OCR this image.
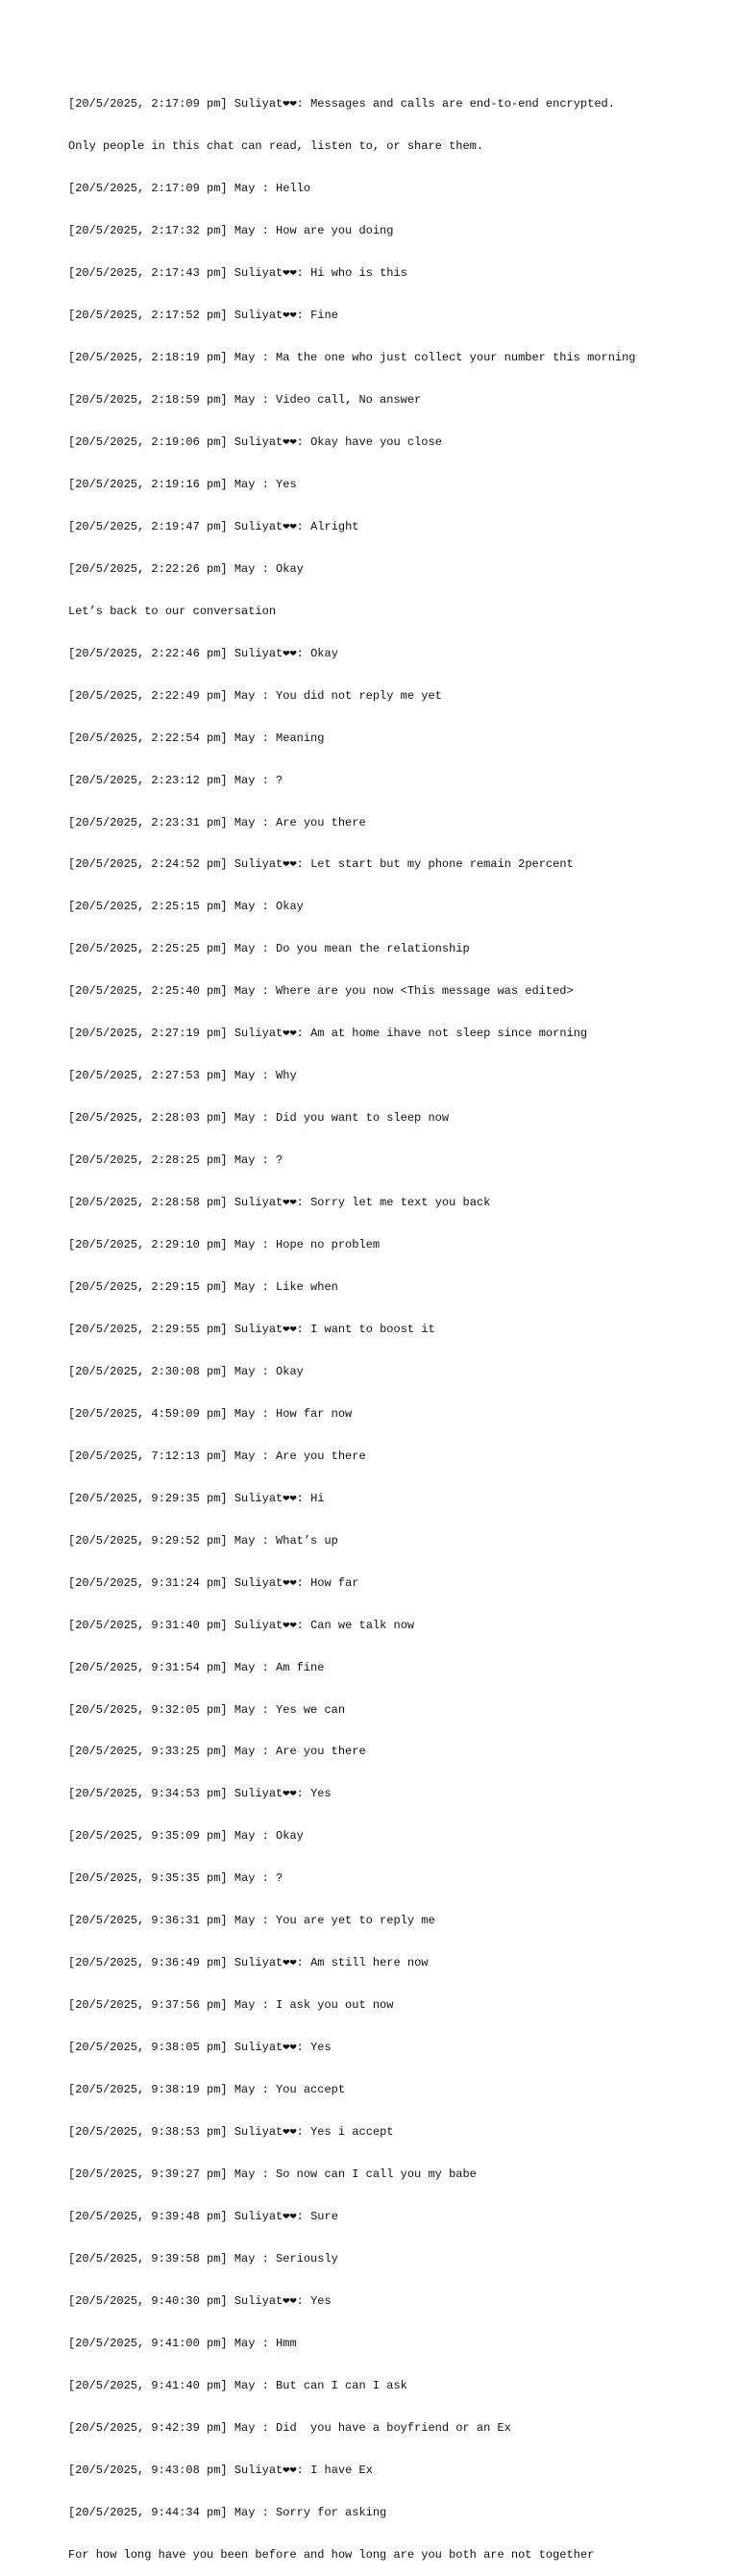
[20/5/2025, 2:17:09 pm] Suliyat❤❤: Messages and calls are end-to-end encrypted.

Only people in this chat can read, listen to, or share them.

[20/5/2025, 2:17:09 pm] May : Hello

[20/5/2025, 2:17:32 pm] May : How are you doing

[20/5/2025, 2:17:43 pm] Suliyat❤❤: Hi who is this

[20/5/2025, 2:17:52 pm] Suliyat❤❤: Fine

[20/5/2025, 2:18:19 pm] May : Ma the one who just collect your number this morning

[20/5/2025, 2:18:59 pm] May : Video call, No answer

[20/5/2025, 2:19:06 pm] Suliyat❤❤: Okay have you close

[20/5/2025, 2:19:16 pm] May : Yes

[20/5/2025, 2:19:47 pm] Suliyat❤❤: Alright

[20/5/2025, 2:22:26 pm] May : Okay

Let’s back to our conversation

[20/5/2025, 2:22:46 pm] Suliyat❤❤: Okay

[20/5/2025, 2:22:49 pm] May : You did not reply me yet

[20/5/2025, 2:22:54 pm] May : Meaning

[20/5/2025, 2:23:12 pm] May : ?

[20/5/2025, 2:23:31 pm] May : Are you there

[20/5/2025, 2:24:52 pm] Suliyat❤❤: Let start but my phone remain 2percent

[20/5/2025, 2:25:15 pm] May : Okay

[20/5/2025, 2:25:25 pm] May : Do you mean the relationship

[20/5/2025, 2:25:40 pm] May : Where are you now <This message was edited>

[20/5/2025, 2:27:19 pm] Suliyat❤❤: Am at home ihave not sleep since morning

[20/5/2025, 2:27:53 pm] May : Why

[20/5/2025, 2:28:03 pm] May : Did you want to sleep now

[20/5/2025, 2:28:25 pm] May : ?

[20/5/2025, 2:28:58 pm] Suliyat❤❤: Sorry let me text you back

[20/5/2025, 2:29:10 pm] May : Hope no problem

[20/5/2025, 2:29:15 pm] May : Like when

[20/5/2025, 2:29:55 pm] Suliyat❤❤: I want to boost it

[20/5/2025, 2:30:08 pm] May : Okay

[20/5/2025, 4:59:09 pm] May : How far now

[20/5/2025, 7:12:13 pm] May : Are you there

[20/5/2025, 9:29:35 pm] Suliyat❤❤: Hi

[20/5/2025, 9:29:52 pm] May : What’s up

[20/5/2025, 9:31:24 pm] Suliyat❤❤: How far

[20/5/2025, 9:31:40 pm] Suliyat❤❤: Can we talk now

[20/5/2025, 9:31:54 pm] May : Am fine

[20/5/2025, 9:32:05 pm] May : Yes we can

[20/5/2025, 9:33:25 pm] May : Are you there

[20/5/2025, 9:34:53 pm] Suliyat❤❤: Yes

[20/5/2025, 9:35:09 pm] May : Okay

[20/5/2025, 9:35:35 pm] May : ?

[20/5/2025, 9:36:31 pm] May : You are yet to reply me

[20/5/2025, 9:36:49 pm] Suliyat❤❤: Am still here now

[20/5/2025, 9:37:56 pm] May : I ask you out now

[20/5/2025, 9:38:05 pm] Suliyat❤❤: Yes

[20/5/2025, 9:38:19 pm] May : You accept

[20/5/2025, 9:38:53 pm] Suliyat❤❤: Yes i accept

[20/5/2025, 9:39:27 pm] May : So now can I call you my babe

[20/5/2025, 9:39:48 pm] Suliyat❤❤: Sure

[20/5/2025, 9:39:58 pm] May : Seriously

[20/5/2025, 9:40:30 pm] Suliyat❤❤: Yes

[20/5/2025, 9:41:00 pm] May : Hmm

[20/5/2025, 9:41:40 pm] May : But can I can I ask

[20/5/2025, 9:42:39 pm] May : Did  you have a boyfriend or an Ex

[20/5/2025, 9:43:08 pm] Suliyat❤❤: I have Ex

[20/5/2025, 9:44:34 pm] May : Sorry for asking

For how long have you been before and how long are you both are not together
